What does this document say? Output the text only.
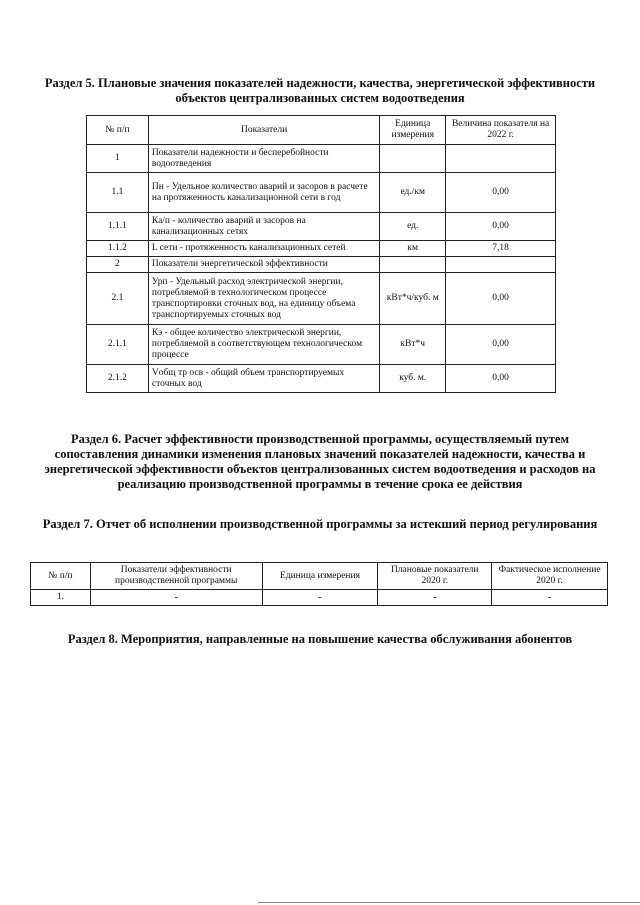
Раздел 5. Плановые значения показателей надежности, качества, энергетической эффективности
объектов централизованных систем водоотведения
№ п/п	Показатели	Единица измерения	Величина показателя на 2022 г.
1	Показатели надежности и бесперебойности водоотведения		
1.1	Пн - Удельное количество аварий и засоров в расчете на протяженность канализационной сети в год	ед./км	0,00
1.1.1	Ка/п - количество аварий и засоров на канализационных сетях	ед.	0,00
1.1.2	L сети - протяженность канализационных сетей	км	7,18
2	Показатели энергетической эффективности		
2.1	Урп - Удельный расход электрической энергии, потребляемой в технологическом процессе транспортировки сточных вод, на единицу объема транспортируемых сточных вод	кВт*ч/куб. м	0,00
2.1.1	Кэ - общее количество электрической энергии, потребляемой в соответствующем технологическом процессе	кВт*ч	0,00
2.1.2	Vобщ тр осв - общий объем транспортируемых сточных вод	куб. м.	0,00
Раздел 6. Расчет эффективности производственной программы, осуществляемый путем
сопоставления динамики изменения плановых значений показателей надежности, качества и
энергетической эффективности объектов централизованных систем водоотведения и расходов на
реализацию производственной программы в течение срока ее действия
Раздел 7. Отчет об исполнении производственной программы за истекший период регулирования
№ п/п	Показатели эффективности производственной программы	Единица измерения	Плановые показатели 2020 г.	Фактическое исполнение 2020 г.
1.	-	-	-	-
Раздел 8. Мероприятия, направленные на повышение качества обслуживания абонентов
